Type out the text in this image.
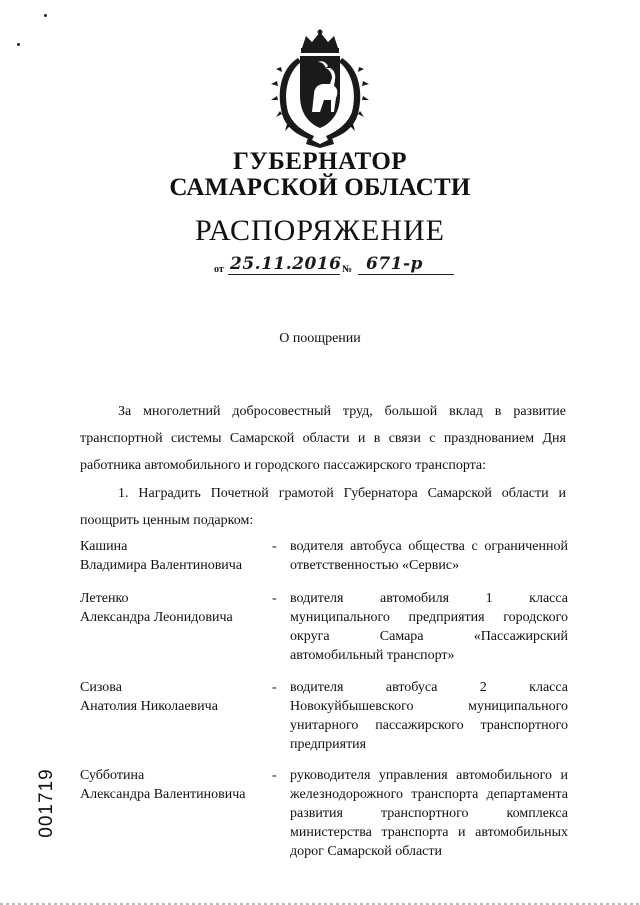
ГУБЕРНАТОР
САМАРСКОЙ ОБЛАСТИ
РАСПОРЯЖЕНИЕ
от 25.11.2016 № 671-р
О поощрении
За многолетний добросовестный труд, большой вклад в развитие транспортной системы Самарской области и в связи с празднованием Дня работника автомобильного и городского пассажирского транспорта:
1. Наградить Почетной грамотой Губернатора Самарской области и поощрить ценным подарком:
Кашина
Владимира Валентиновича
- водителя автобуса общества с ограниченной ответственностью «Сервис»
Летенко
Александра Леонидовича
- водителя автомобиля 1 класса муниципального предприятия городского округа Самара «Пассажирский автомобильный транспорт»
Сизова
Анатолия Николаевича
- водителя автобуса 2 класса Новокуйбышевского муниципального унитарного пассажирского транспортного предприятия
Субботина
Александра Валентиновича
- руководителя управления автомобильного и железнодорожного транспорта департамента развития транспортного комплекса министерства транспорта и автомобильных дорог Самарской области
001719
